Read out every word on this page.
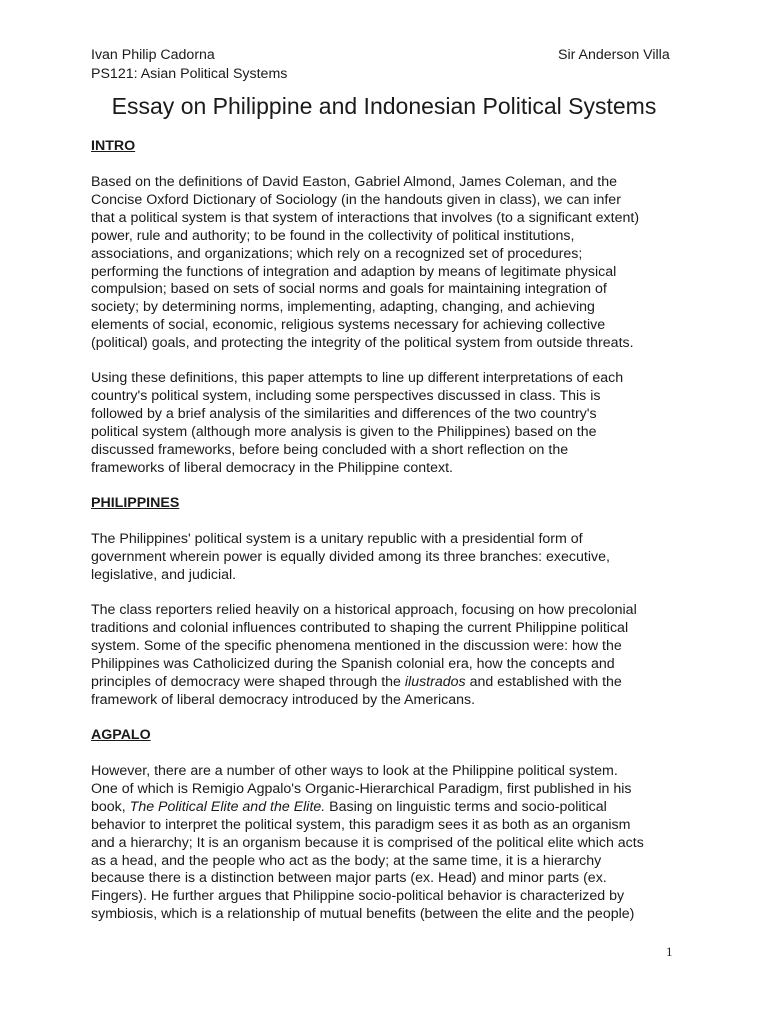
Ivan Philip Cadorna
PS121: Asian Political Systems
Sir Anderson Villa
Essay on Philippine and Indonesian Political Systems
INTRO
Based on the definitions of David Easton, Gabriel Almond, James Coleman, and the
Concise Oxford Dictionary of Sociology (in the handouts given in class), we can infer
that a political system is that system of interactions that involves (to a significant extent)
power, rule and authority; to be found in the collectivity of political institutions,
associations, and organizations; which rely on a recognized set of procedures;
performing the functions of integration and adaption by means of legitimate physical
compulsion; based on sets of social norms and goals for maintaining integration of
society; by determining norms, implementing, adapting, changing, and achieving
elements of social, economic, religious systems necessary for achieving collective
(political) goals, and protecting the integrity of the political system from outside threats.
Using these definitions, this paper attempts to line up different interpretations of each
country's political system, including some perspectives discussed in class. This is
followed by a brief analysis of the similarities and differences of the two country's
political system (although more analysis is given to the Philippines) based on the
discussed frameworks, before being concluded with a short reflection on the
frameworks of liberal democracy in the Philippine context.
PHILIPPINES
The Philippines' political system is a unitary republic with a presidential form of
government wherein power is equally divided among its three branches: executive,
legislative, and judicial.
The class reporters relied heavily on a historical approach, focusing on how precolonial
traditions and colonial influences contributed to shaping the current Philippine political
system. Some of the specific phenomena mentioned in the discussion were: how the
Philippines was Catholicized during the Spanish colonial era, how the concepts and
principles of democracy were shaped through the ilustrados and established with the
framework of liberal democracy introduced by the Americans.
AGPALO
However, there are a number of other ways to look at the Philippine political system.
One of which is Remigio Agpalo's Organic-Hierarchical Paradigm, first published in his
book, The Political Elite and the Elite. Basing on linguistic terms and socio-political
behavior to interpret the political system, this paradigm sees it as both as an organism
and a hierarchy; It is an organism because it is comprised of the political elite which acts
as a head, and the people who act as the body; at the same time, it is a hierarchy
because there is a distinction between major parts (ex. Head) and minor parts (ex.
Fingers). He further argues that Philippine socio-political behavior is characterized by
symbiosis, which is a relationship of mutual benefits (between the elite and the people)
1
